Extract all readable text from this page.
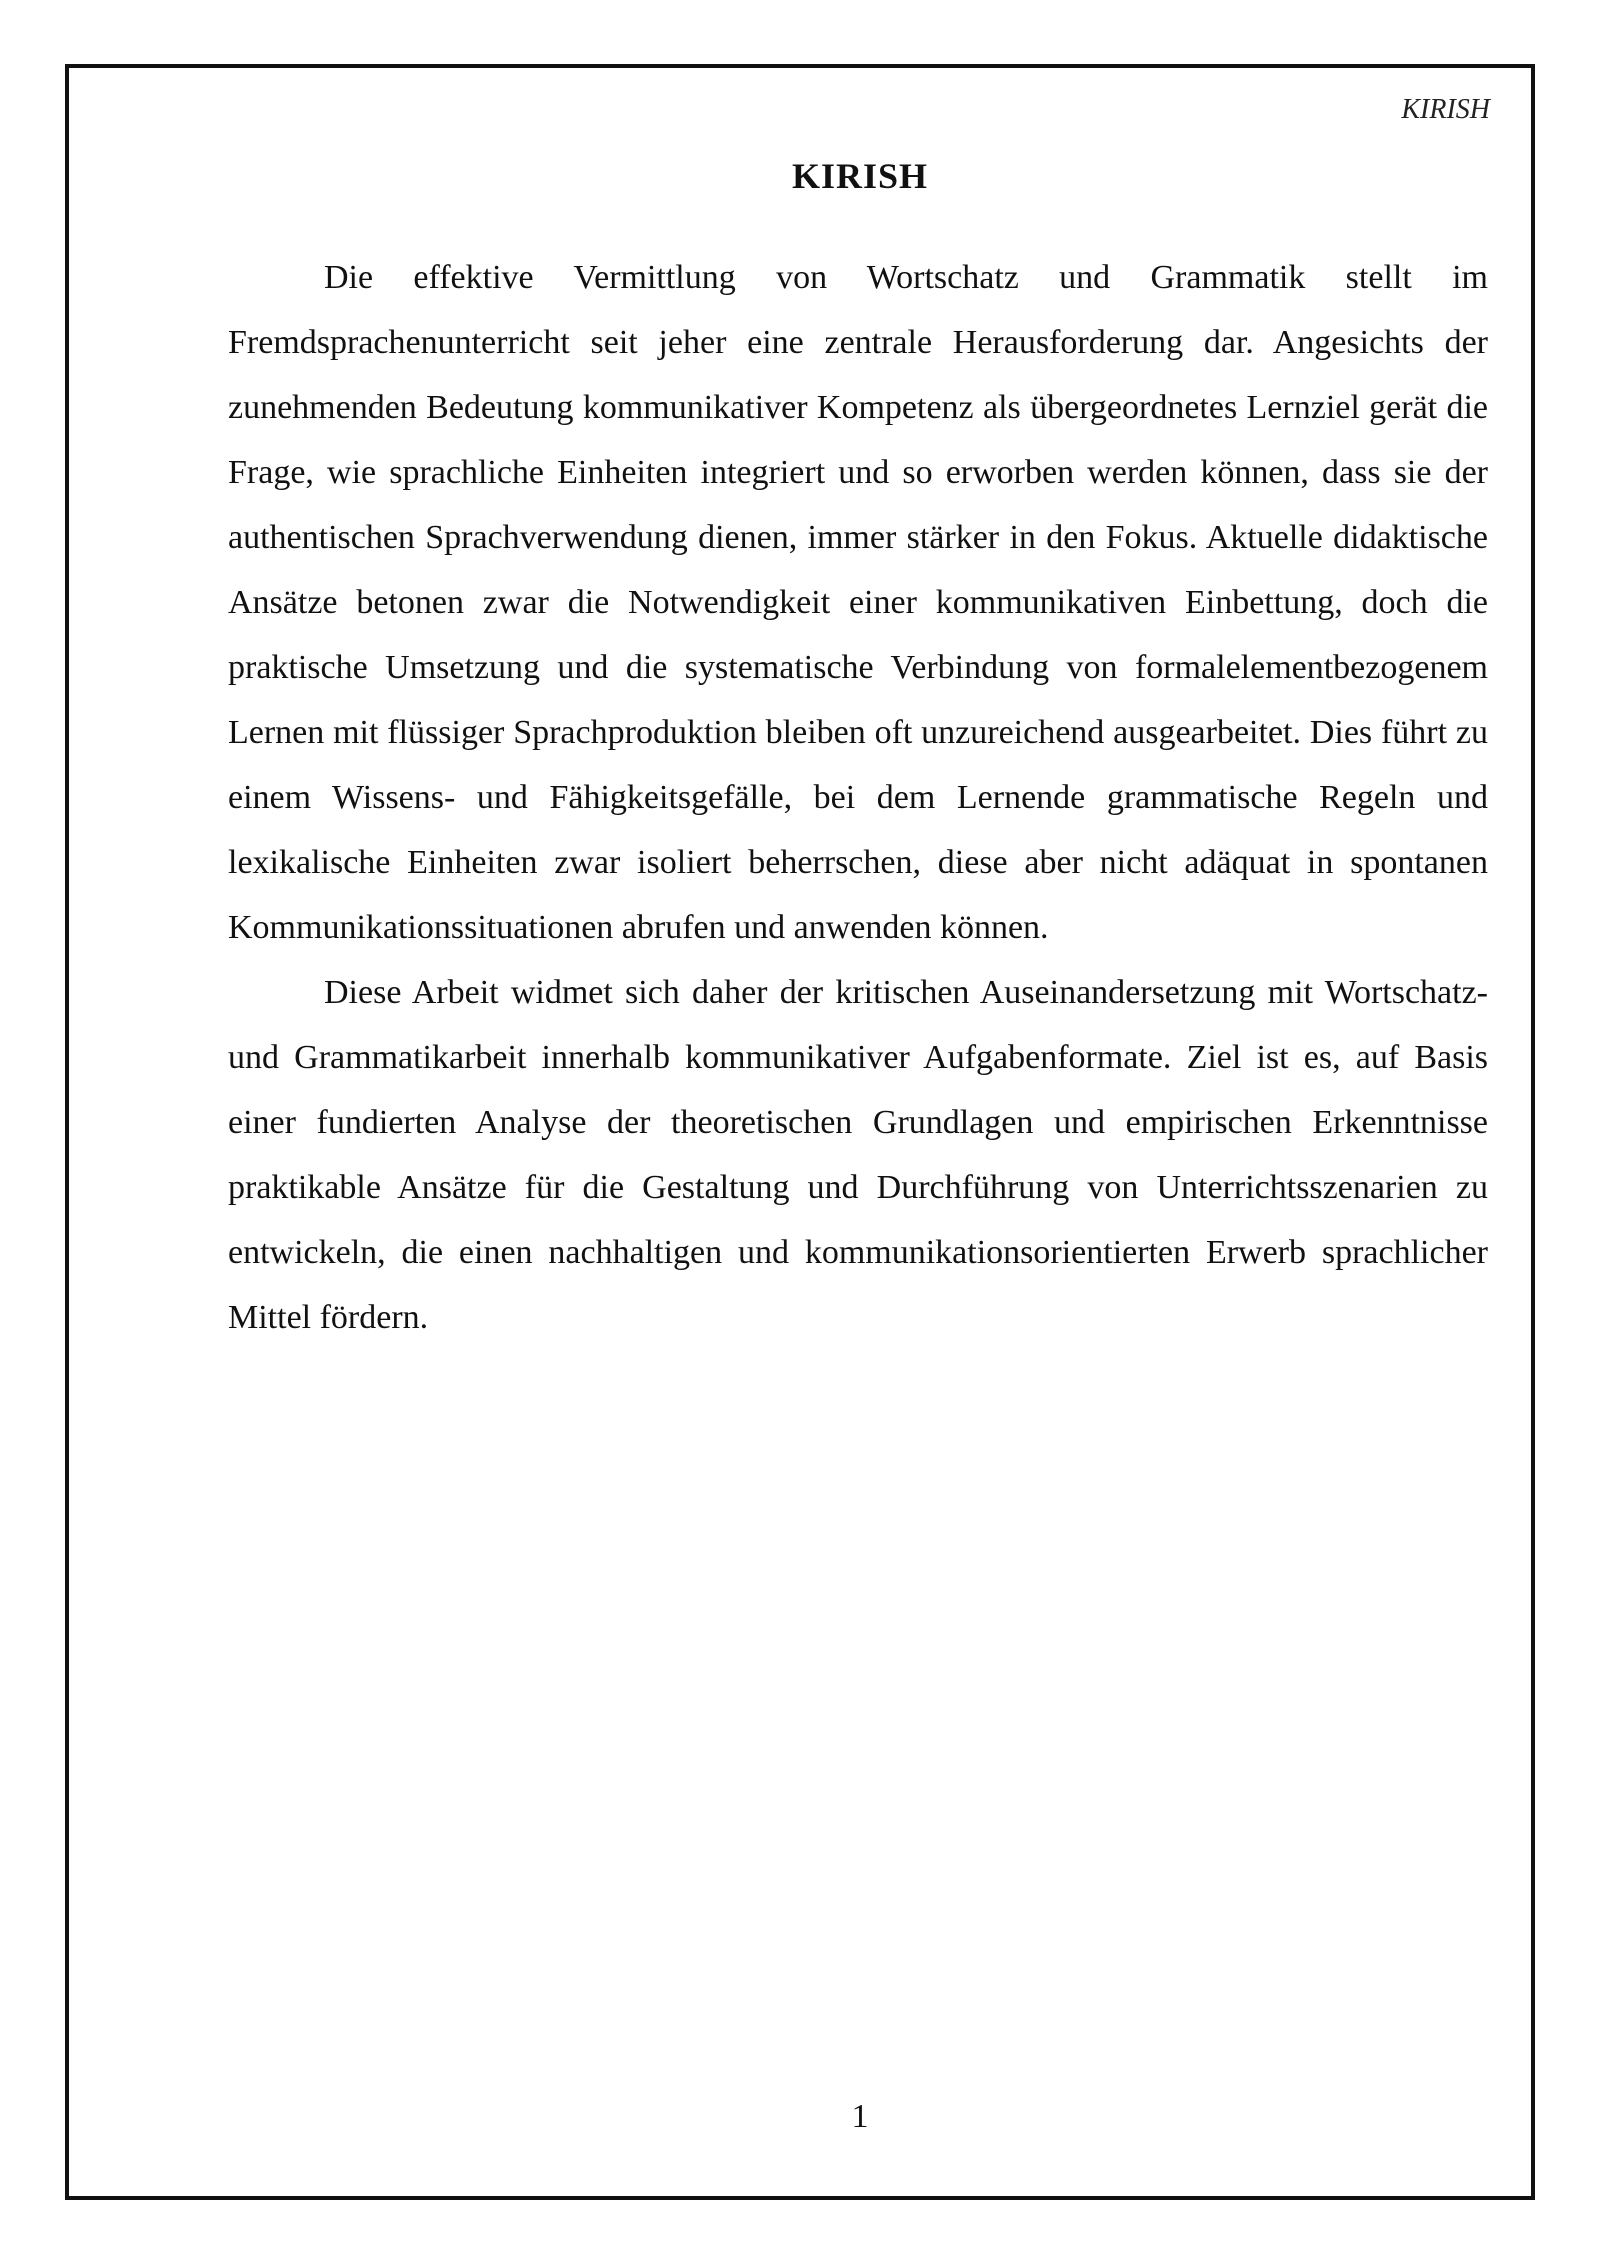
KIRISH
KIRISH

Die effektive Vermittlung von Wortschatz und Grammatik stellt im Fremdsprachenunterricht seit jeher eine zentrale Herausforderung dar. Angesichts der zunehmenden Bedeutung kommunikativer Kompetenz als übergeordnetes Lernziel gerät die Frage, wie sprachliche Einheiten integriert und so erworben werden können, dass sie der authentischen Sprachverwendung dienen, immer stärker in den Fokus. Aktuelle didaktische Ansätze betonen zwar die Notwendigkeit einer kommunikativen Einbettung, doch die praktische Umsetzung und die systematische Verbindung von formalelementbezogenem Lernen mit flüssiger Sprachproduktion bleiben oft unzureichend ausgearbeitet. Dies führt zu einem Wissens- und Fähigkeitsgefälle, bei dem Lernende grammatische Regeln und lexikalische Einheiten zwar isoliert beherrschen, diese aber nicht adäquat in spontanen Kommunikationssituationen abrufen und anwenden können.

Diese Arbeit widmet sich daher der kritischen Auseinandersetzung mit Wortschatz- und Grammatikarbeit innerhalb kommunikativer Aufgabenformate. Ziel ist es, auf Basis einer fundierten Analyse der theoretischen Grundlagen und empirischen Erkenntnisse praktikable Ansätze für die Gestaltung und Durchführung von Unterrichtsszenarien zu entwickeln, die einen nachhaltigen und kommunikationsorientierten Erwerb sprachlicher Mittel fördern.

1
